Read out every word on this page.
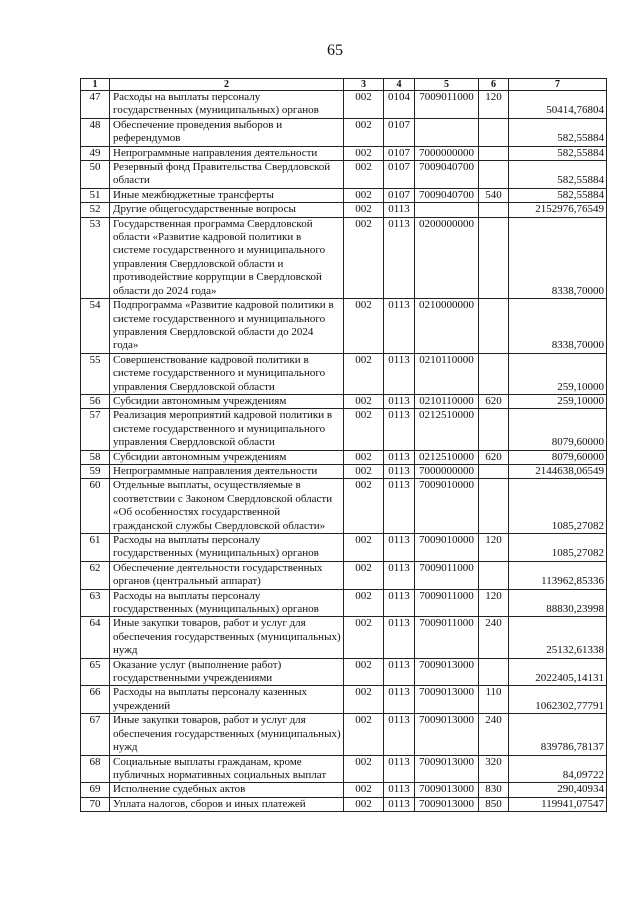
65
1	2	3	4	5	6	7
47	Расходы на выплаты персоналу государственных (муниципальных) органов	002	0104	7009011000	120	50414,76804
48	Обеспечение проведения выборов и референдумов	002	0107			582,55884
49	Непрограммные направления деятельности	002	0107	7000000000		582,55884
50	Резервный фонд Правительства Свердловской области	002	0107	7009040700		582,55884
51	Иные межбюджетные трансферты	002	0107	7009040700	540	582,55884
52	Другие общегосударственные вопросы	002	0113			2152976,76549
53	Государственная программа Свердловской области «Развитие кадровой политики в системе государственного и муниципального управления Свердловской области и противодействие коррупции в Свердловской области до 2024 года»	002	0113	0200000000		8338,70000
54	Подпрограмма «Развитие кадровой политики в системе государственного и муниципального управления Свердловской области до 2024 года»	002	0113	0210000000		8338,70000
55	Совершенствование кадровой политики в системе государственного и муниципального управления Свердловской области	002	0113	0210110000		259,10000
56	Субсидии автономным учреждениям	002	0113	0210110000	620	259,10000
57	Реализация мероприятий кадровой политики в системе государственного и муниципального управления Свердловской области	002	0113	0212510000		8079,60000
58	Субсидии автономным учреждениям	002	0113	0212510000	620	8079,60000
59	Непрограммные направления деятельности	002	0113	7000000000		2144638,06549
60	Отдельные выплаты, осуществляемые в соответствии с Законом Свердловской области «Об особенностях государственной гражданской службы Свердловской области»	002	0113	7009010000		1085,27082
61	Расходы на выплаты персоналу государственных (муниципальных) органов	002	0113	7009010000	120	1085,27082
62	Обеспечение деятельности государственных органов (центральный аппарат)	002	0113	7009011000		113962,85336
63	Расходы на выплаты персоналу государственных (муниципальных) органов	002	0113	7009011000	120	88830,23998
64	Иные закупки товаров, работ и услуг для обеспечения государственных (муниципальных) нужд	002	0113	7009011000	240	25132,61338
65	Оказание услуг (выполнение работ) государственными учреждениями	002	0113	7009013000		2022405,14131
66	Расходы на выплаты персоналу казенных учреждений	002	0113	7009013000	110	1062302,77791
67	Иные закупки товаров, работ и услуг для обеспечения государственных (муниципальных) нужд	002	0113	7009013000	240	839786,78137
68	Социальные выплаты гражданам, кроме публичных нормативных социальных выплат	002	0113	7009013000	320	84,09722
69	Исполнение судебных актов	002	0113	7009013000	830	290,40934
70	Уплата налогов, сборов и иных платежей	002	0113	7009013000	850	119941,07547
